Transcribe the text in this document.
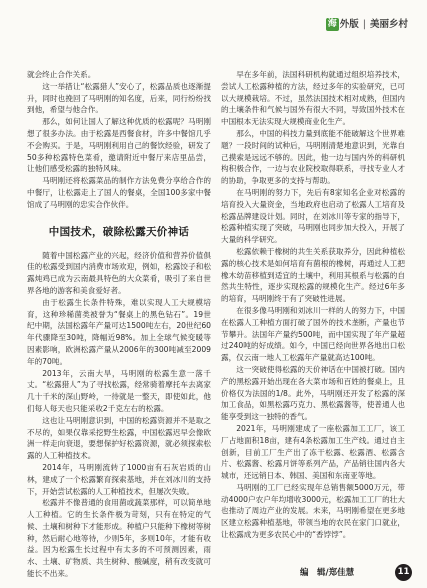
海 外版 | 美丽乡村

就会终止合作关系。

这一举措让“松露猎人”安心了，松露品质也逐渐提升，同时也挽回了马明刚的知名度，后来，同行纷纷找到他，希望与他合作。

那么，如何让国人了解这种优质的松露呢？马明刚想了很多办法。由于松露是西餐食材，许多中餐馆几乎不会购买。于是，马明刚利用自己的餐饮经验，研发了50多种松露特色菜肴，邀请附近中餐厅来店里品尝，让他们感受松露的独特风味。

马明刚还将松露菜品的制作方法免费分享给合作的中餐厅，让松露走上了国人的餐桌，全国100多家中餐馆成了马明刚的忠实合作伙伴。

中国技术，破除松露天价神话

随着中国松露产业的兴起，经济价值和营养价值俱佳的松露受到国内消费市场欢迎，例如，松露饺子和松露炖鸡已成为云南最具特色的大众菜肴，吸引了来自世界各地的游客和美食爱好者。

由于松露生长条件特殊，难以实现人工大规模培育，这种珍稀菌类被誉为“餐桌上的黑色钻石”。19世纪中期，法国松露年产量可达1500吨左右，20世纪60年代骤降至30吨，降幅近98%。加上全球气候变暖等因素影响，欧洲松露产量从2006年的300吨减至2009年的70吨。

2013年，云南大旱，马明刚的松露生意一落千丈。“松露猎人”为了寻找松露，经常骑着摩托车去离家几十千米的深山野岭，一待就是一整天，即使如此，他们每人每天也只能采收2千克左右的松露。

这也让马明刚意识到，中国的松露资源并不是取之不尽的，如果仅靠采挖野生松露，中国松露迟早会像欧洲一样走向衰退，要想保护好松露资源，就必须探索松露的人工种植技术。

2014年，马明刚流转了1000亩有石灰岩质的山林，建成了一个松露繁育探索基地，并在刘冰川的支持下，开始尝试松露的人工种植技术，但屡次失败。

松露并不像普通的食用菌或蔬菜那样，可以简单地人工种植。它的生长条件极为苛刻，只有在特定的气候、土壤和树种下才能形成。种植户只能种下橡树等树种，然后耐心地等待，少则5年，多则10年，才能有收益。因为松露生长过程中有太多的不可预测因素，雨水、土壤、矿物质、共生树种、酸碱度，稍有改变就可能长不出来。

早在多年前，法国科研机构就通过组织培养技术，尝试人工松露种植的方法，经过多年的实验研究，已可以大规模栽培。不过，虽然法国技术相对成熟，但国内的土壤条件和气候与国外有很大不同，导致国外技术在中国根本无法实现大规模商业化生产。

那么，中国的科技力量到底能不能破解这个世界难题？一段时间的试种后，马明刚清楚地意识到，光靠自己摸索是远远不够的。因此，他一边与国内外的科研机构积极合作，一边与农业院校取得联系，寻找专业人才的协助，争取更多的支持与帮助。

在马明刚的努力下，先后有8家知名企业对松露的培育投入大量资金，当地政府也启动了松露人工培育及松露品牌建设计划。同时，在刘冰川等专家的指导下，松露种植实现了突破，马明刚也同步加大投入，开展了大量的科学研究。

松露依赖于橡树的共生关系获取养分，因此种植松露的核心技术是如何培育有菌根的橡树，再通过人工把橡木幼苗移植到适宜的土壤中，利用其根系与松露的自然共生特性，逐步实现松露的规模化生产。经过6年多的培育，马明刚终于有了突破性进展。

在很多像马明刚和刘冰川一样的人的努力下，中国在松露人工种植方面打破了国外的技术垄断，产量也节节攀升。法国年产量约500吨，而中国实现了年产量超过240吨的好成绩。如今，中国已经向世界各地出口松露，仅云南一地人工松露年产量就高达100吨。

这一突破使得松露的天价神话在中国被打破。国内产的黑松露开始出现在各大菜市场和百姓的餐桌上，且价格仅为法国的1/8。此外，马明刚还开发了松露的深加工食品，如黑松露巧克力、黑松露酱等，使普通人也能享受到这一独特的香气。

2021年，马明刚建成了一座松露加工工厂，该工厂占地面积18亩，建有4条松露加工生产线。通过自主创新，目前工厂生产出了冻干松露、松露酒、松露含片、松露酱、松露月饼等系列产品，产品销往国内各大城市，还远销日本、韩国、美国和东南亚等地。

马明刚的工厂已经实现年总销售额5000万元，带动4000户农户年均增收3000元，松露加工工厂的壮大也推动了周边产业的发展。未来，马明刚希望在更多地区建立松露种植基地，带领当地的农民在家门口就业，让松露成为更多农民心中的“香饽饽”。

编　辑/郑佳慧	11
